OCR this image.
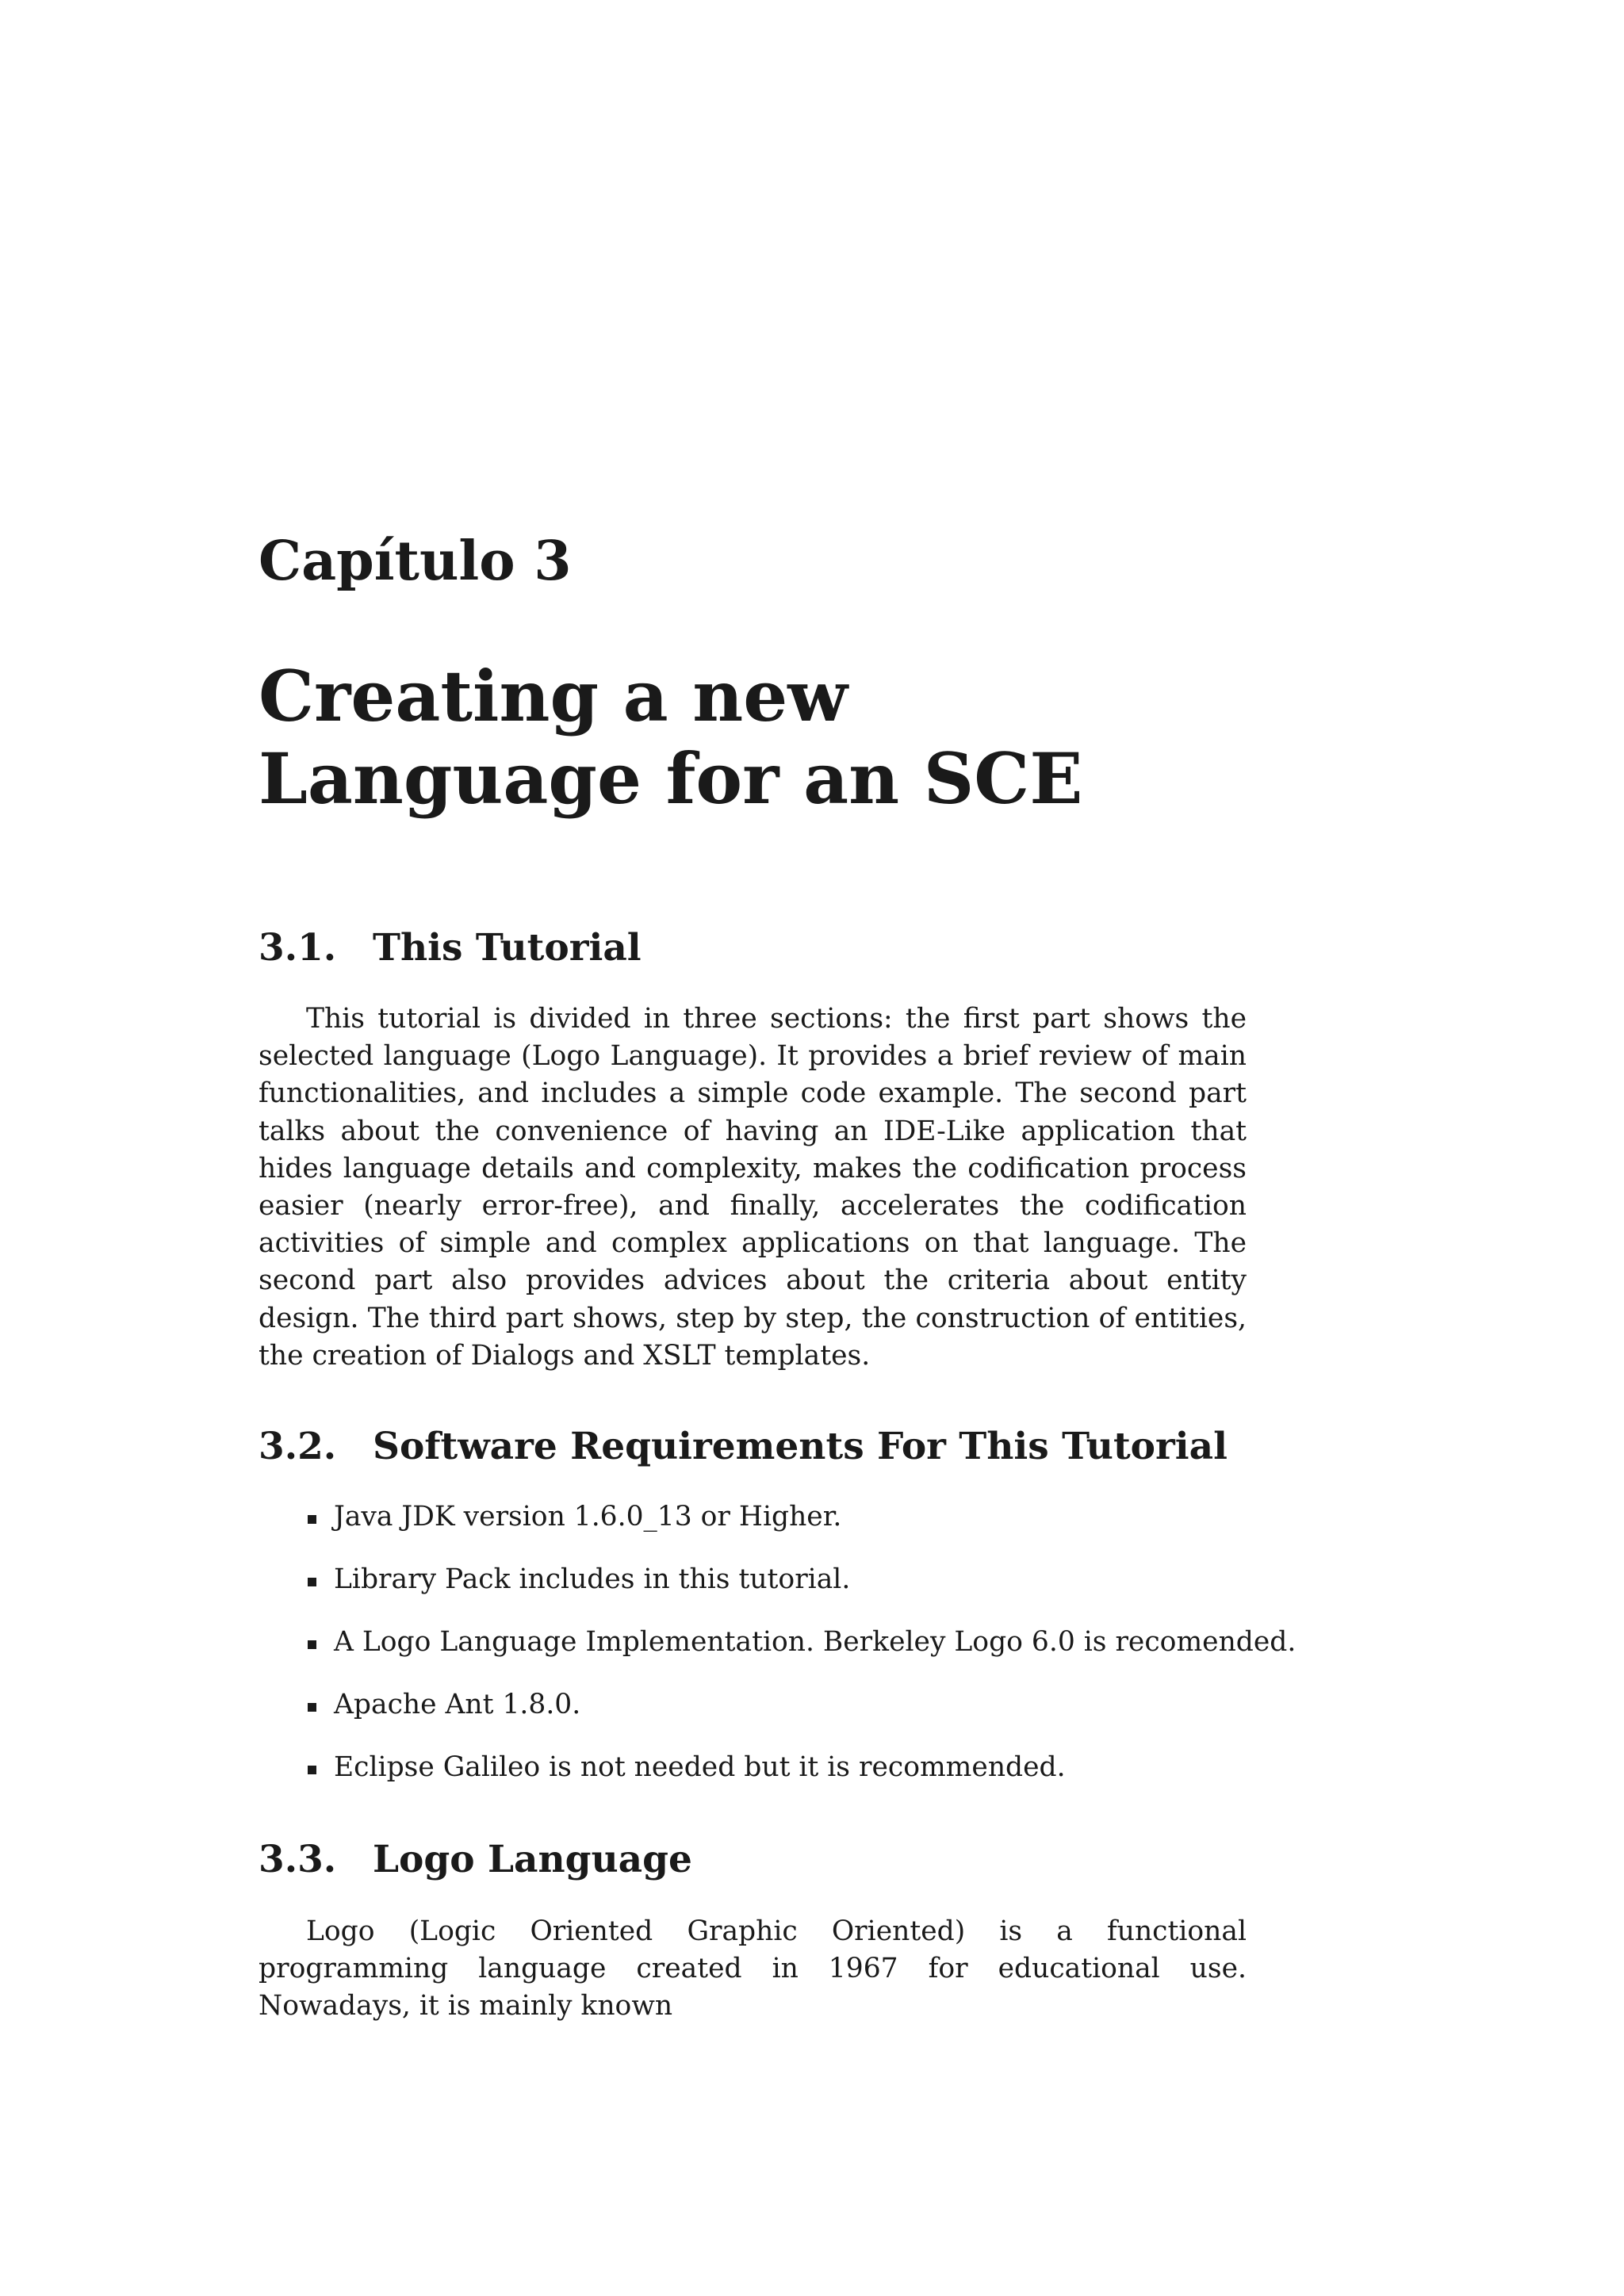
Capítulo 3
Creating a new Language for an SCE
3.1. This Tutorial

This tutorial is divided in three sections: the first part shows the selected language (Logo Language). It provides a brief review of main functionalities, and includes a simple code example. The second part talks about the convenience of having an IDE-Like application that hides language details and complexity, makes the codification process easier (nearly error-free), and finally, accelerates the codification activities of simple and complex applications on that language. The second part also provides advices about the criteria about entity design. The third part shows, step by step, the construction of entities, the creation of Dialogs and XSLT templates.

3.2. Software Requirements For This Tutorial
Java JDK version 1.6.0_13 or Higher.
Library Pack includes in this tutorial.
A Logo Language Implementation. Berkeley Logo 6.0 is recomended.
Apache Ant 1.8.0.
Eclipse Galileo is not needed but it is recommended.
3.3. Logo Language

Logo (Logic Oriented Graphic Oriented) is a functional programming language created in 1967 for educational use. Nowadays, it is mainly known
